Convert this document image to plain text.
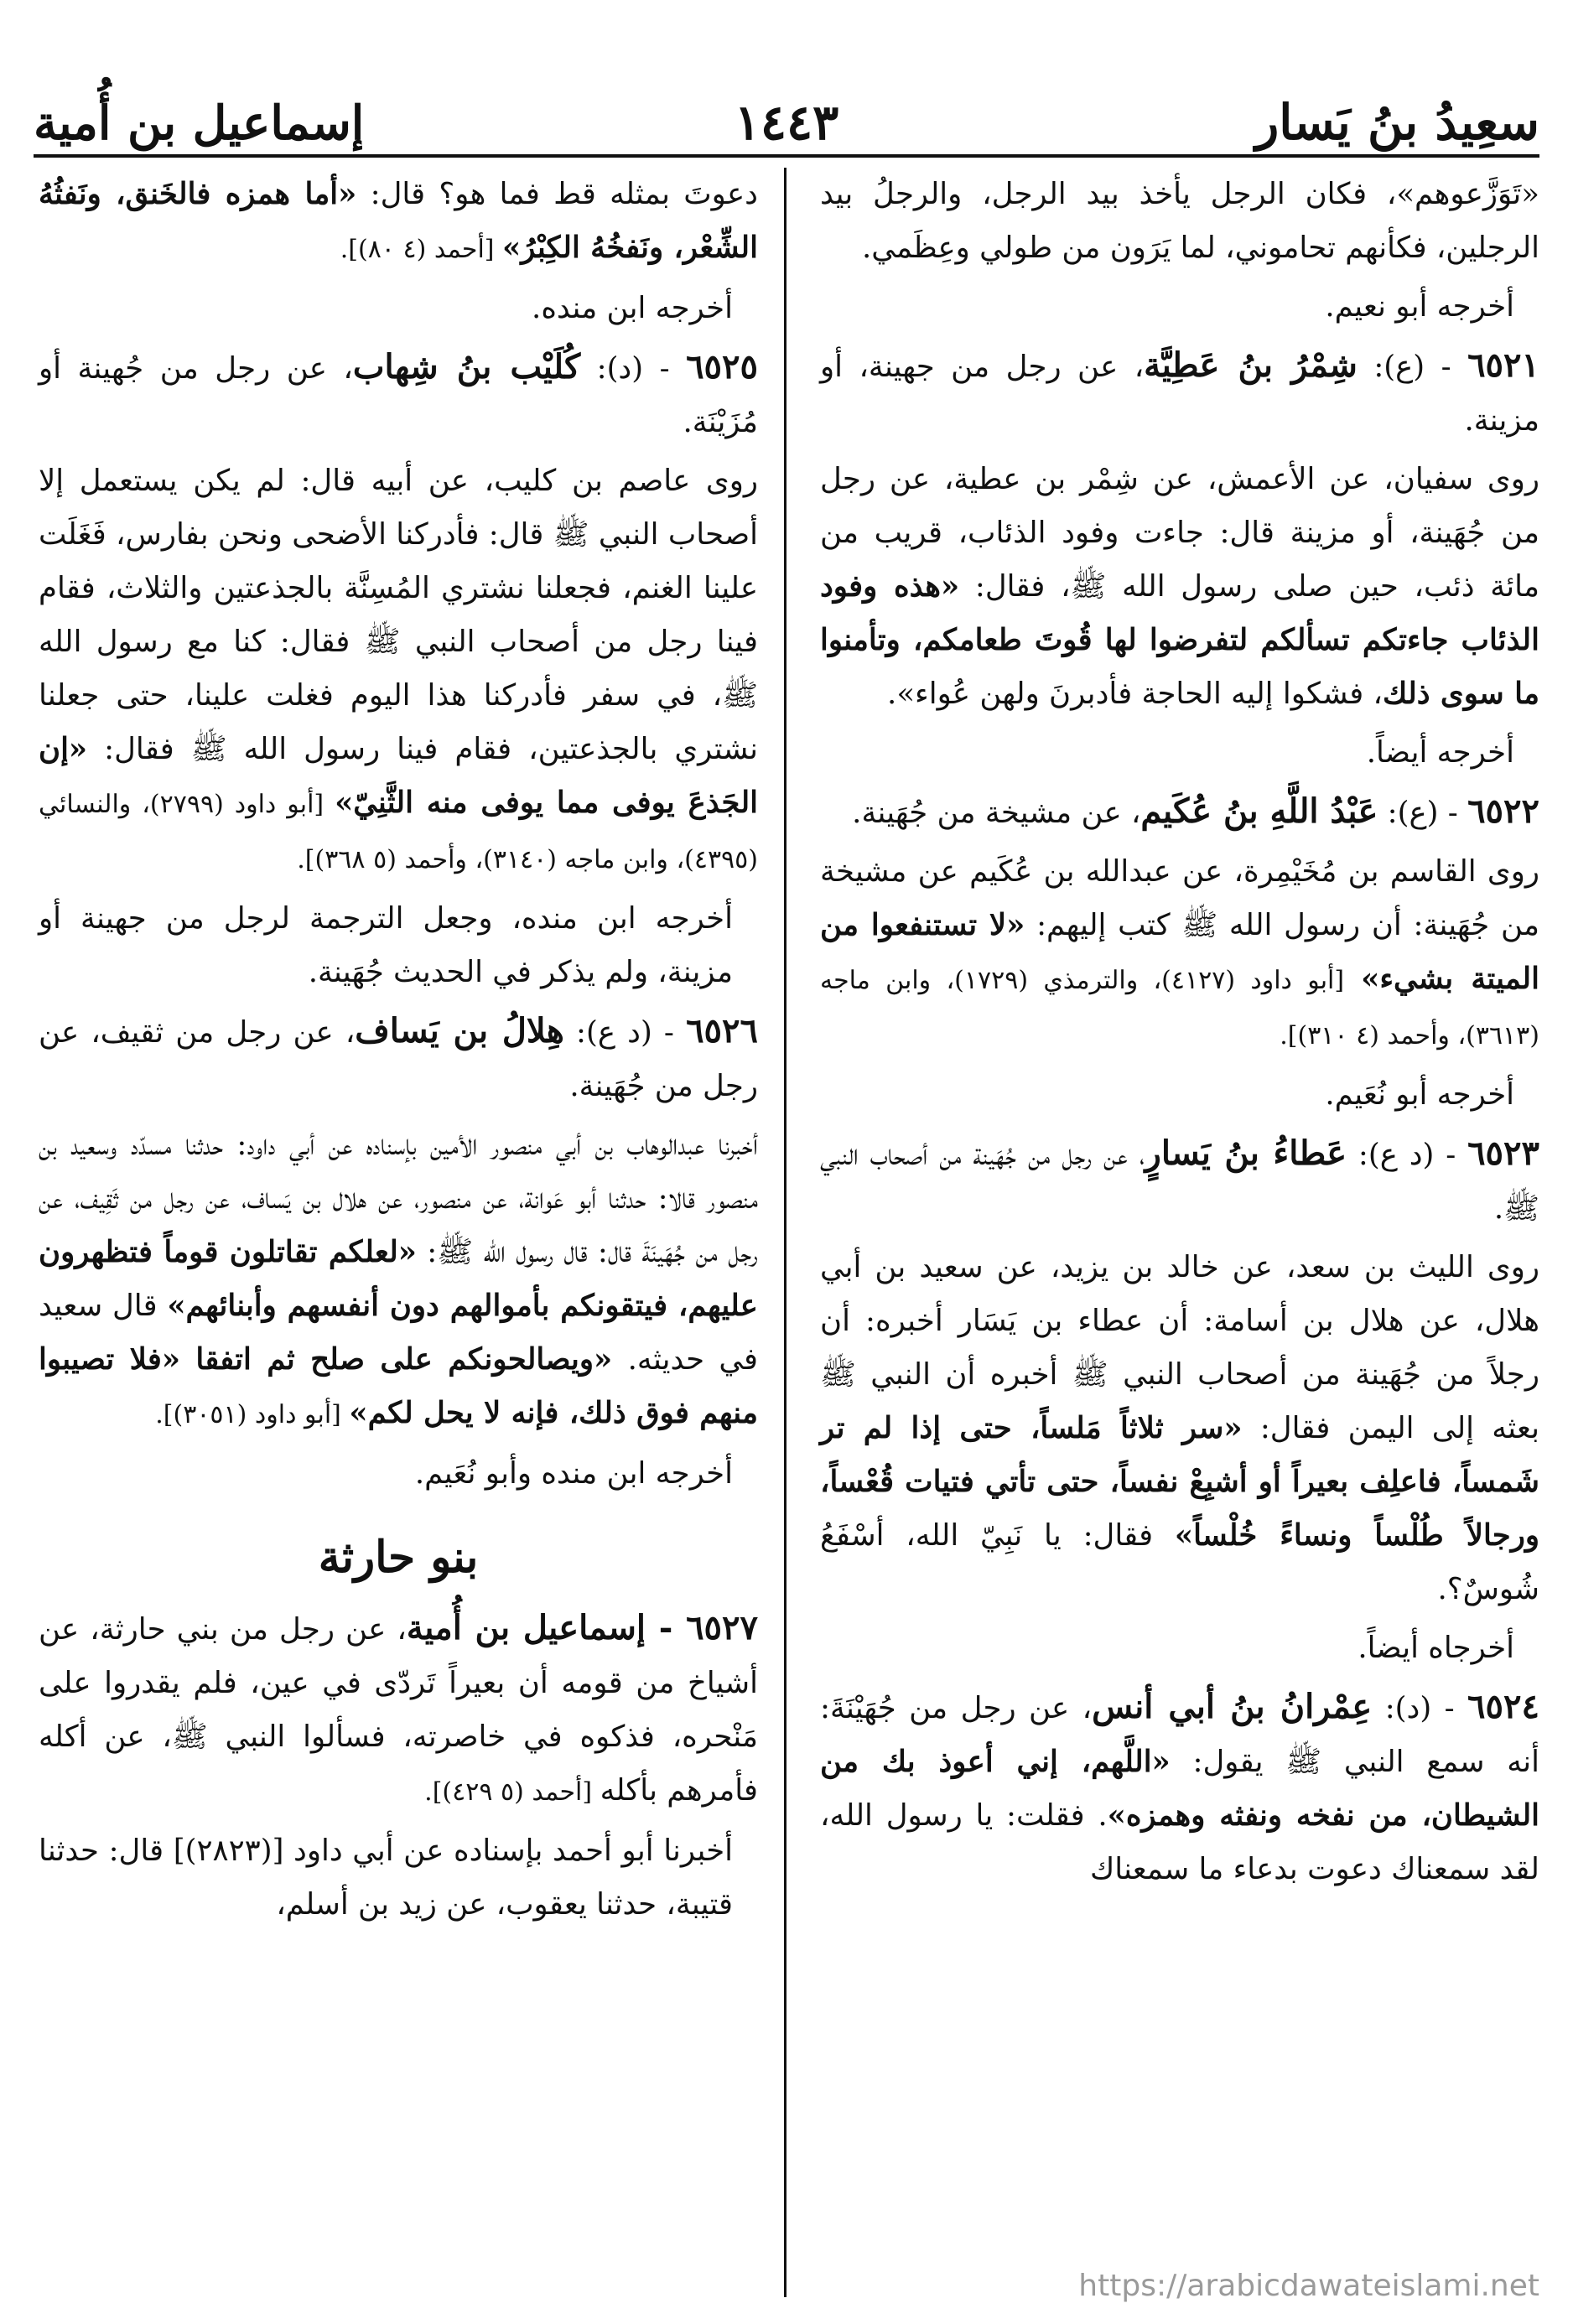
سعِيدُ بنُ يَسار
١٤٤٣
إسماعيل بن أُمية

«تَوَزَّعوهم»، فكان الرجل يأخذ بيد الرجل، والرجلُ بيد الرجلين، فكأنهم تحاموني، لما يَرَون من طولي وعِظَمي.

أخرجه أبو نعيم.

٦٥٢١ - (ع): شِمْرُ بنُ عَطِيَّة، عن رجل من جهينة، أو مزينة.

روى سفيان، عن الأعمش، عن شِمْر بن عطية، عن رجل من جُهَينة، أو مزينة قال: جاءت وفود الذئاب، قريب من مائة ذئب، حين صلى رسول الله ﷺ، فقال: «هذه وفود الذئاب جاءتكم تسألكم لتفرضوا لها قُوتَ طعامكم، وتأمنوا ما سوى ذلك، فشكوا إليه الحاجة فأدبرنَ ولهن عُواء».

أخرجه أيضاً.

٦٥٢٢ - (ع): عَبْدُ اللَّهِ بنُ عُكَيم، عن مشيخة من جُهَينة.

روى القاسم بن مُخَيْمِرة، عن عبدالله بن عُكَيم عن مشيخة من جُهَينة: أن رسول الله ﷺ كتب إليهم: «لا تستنفعوا من الميتة بشيء» [أبو داود (٤١٢٧)، والترمذي (١٧٢٩)، وابن ماجه (٣٦١٣)، وأحمد (٤ ٣١٠)].

أخرجه أبو نُعَيم.

٦٥٢٣ - (د ع): عَطاءُ بنُ يَسارٍ، عن رجل من جُهَينة من أصحاب النبي ﷺ.

روى الليث بن سعد، عن خالد بن يزيد، عن سعيد بن أبي هلال، عن هلال بن أسامة: أن عطاء بن يَسَار أخبره: أن رجلاً من جُهَينة من أصحاب النبي ﷺ أخبره أن النبي ﷺ بعثه إلى اليمن فقال: «سر ثلاثاً مَلساً، حتى إذا لم تر شَمساً، فاعلِف بعيراً أو أشبِعْ نفساً، حتى تأتي فتيات قُعْساً، ورجالاً طُلْساً ونساءً خُلْساً» فقال: يا نَبِيّ الله، أسْفَعُ شُوسٌ؟.

أخرجاه أيضاً.

٦٥٢٤ - (د): عِمْرانُ بنُ أبي أنس، عن رجل من جُهَيْنَةَ: أنه سمع النبي ﷺ يقول: «اللَّهم، إني أعوذ بك من الشيطان، من نفخه ونفثه وهمزه». فقلت: يا رسول الله، لقد سمعناك دعوت بدعاء ما سمعناك

دعوتَ بمثله قط فما هو؟ قال: «أما همزه فالخَنق، ونَفثُهُ الشِّعْر، ونَفخُهُ الكِبْرُ» [أحمد (٤ ٨٠)].

أخرجه ابن منده.

٦٥٢٥ - (د): كُلَيْب بنُ شِهاب، عن رجل من جُهينة أو مُزَيْنَة.

روى عاصم بن كليب، عن أبيه قال: لم يكن يستعمل إلا أصحاب النبي ﷺ قال: فأدركنا الأضحى ونحن بفارس، فَغَلَت علينا الغنم، فجعلنا نشتري المُسِنَّة بالجذعتين والثلاث، فقام فينا رجل من أصحاب النبي ﷺ فقال: كنا مع رسول الله ﷺ، في سفر فأدركنا هذا اليوم فغلت علينا، حتى جعلنا نشتري بالجذعتين، فقام فينا رسول الله ﷺ فقال: «إن الجَذعَ يوفى مما يوفى منه الثَّنِيّ» [أبو داود (٢٧٩٩)، والنسائي (٤٣٩٥)، وابن ماجه (٣١٤٠)، وأحمد (٥ ٣٦٨)].

أخرجه ابن منده، وجعل الترجمة لرجل من جهينة أو مزينة، ولم يذكر في الحديث جُهَينة.

٦٥٢٦ - (د ع): هِلالُ بن يَساف، عن رجل من ثقيف، عن رجل من جُهَينة.

أخبرنا عبدالوهاب بن أبي منصور الأمين بإسناده عن أبي داود: حدثنا مسدّد وسعيد بن منصور قالا: حدثنا أبو عَوانة، عن منصور، عن هلال بن يَساف، عن رجل من ثَقِيف، عن رجل من جُهَينَةَ قال: قال رسول الله ﷺ: «لعلكم تقاتلون قوماً فتظهرون عليهم، فيتقونكم بأموالهم دون أنفسهم وأبنائهم» قال سعيد في حديثه. «ويصالحونكم على صلح ثم اتفقا «فلا تصيبوا منهم فوق ذلك، فإنه لا يحل لكم» [أبو داود (٣٠٥١)].

أخرجه ابن منده وأبو نُعَيم.

بنو حارثة

٦٥٢٧ - إسماعيل بن أُمية، عن رجل من بني حارثة، عن أشياخ من قومه أن بعيراً تَردّى في عين، فلم يقدروا على مَنْحره، فذكوه في خاصرته، فسألوا النبي ﷺ، عن أكله فأمرهم بأكله [أحمد (٥ ٤٢٩)].

أخبرنا أبو أحمد بإسناده عن أبي داود [(٢٨٢٣)] قال: حدثنا قتيبة، حدثنا يعقوب، عن زيد بن أسلم،

https://arabicdawateislami.net
